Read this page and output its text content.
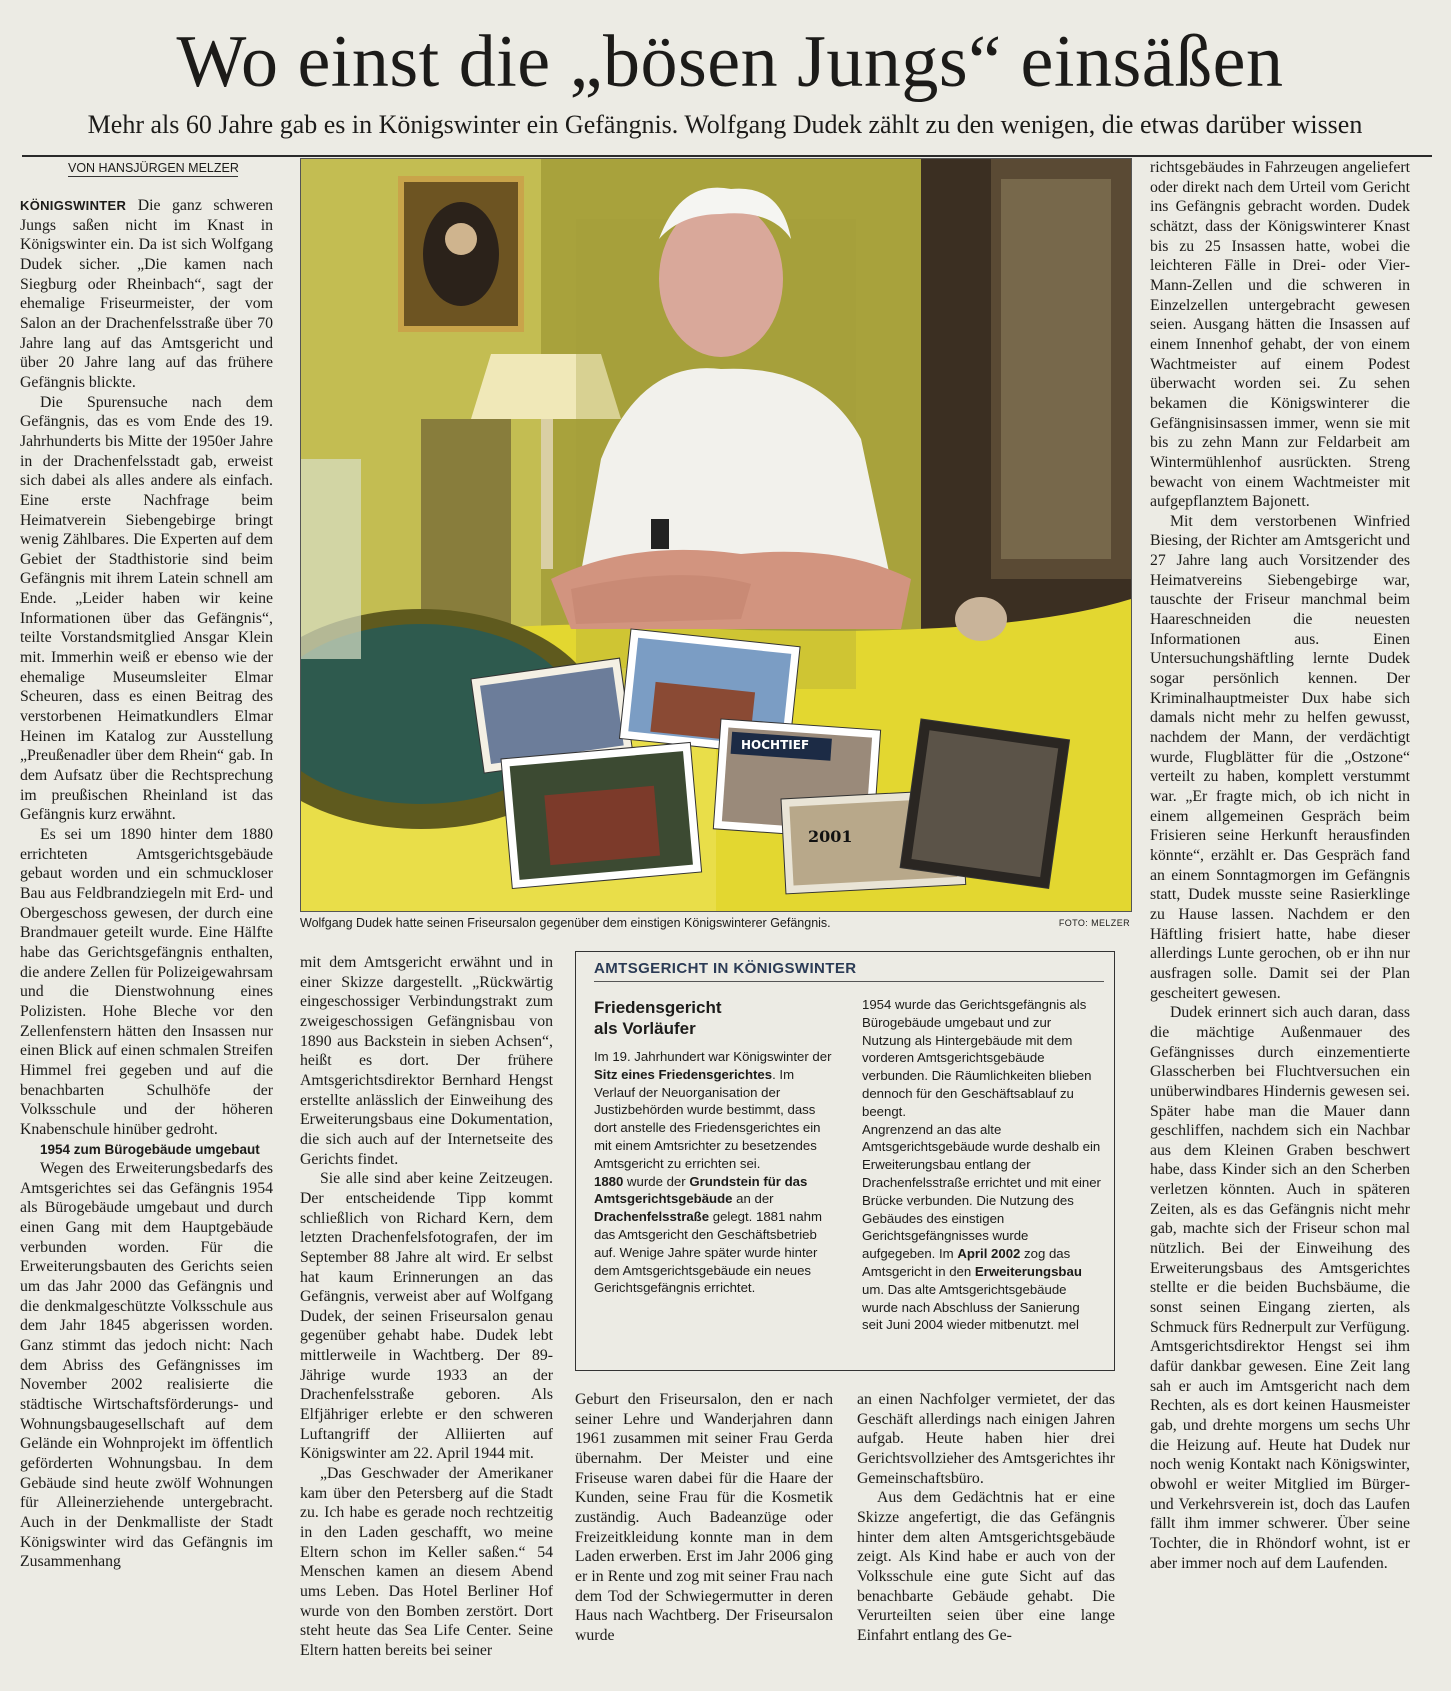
Wo einst die „bösen Jungs“ einsäßen
Mehr als 60 Jahre gab es in Königswinter ein Gefängnis. Wolfgang Dudek zählt zu den wenigen, die etwas darüber wissen
VON HANSJÜRGEN MELZER

KÖNIGSWINTER Die ganz schweren Jungs saßen nicht im Knast in Königswinter ein. Da ist sich Wolfgang Dudek sicher. „Die kamen nach Siegburg oder Rheinbach“, sagt der ehemalige Friseurmeister, der vom Salon an der Drachenfelsstraße über 70 Jahre lang auf das Amtsgericht und über 20 Jahre lang auf das frühere Gefängnis blickte.

Die Spurensuche nach dem Gefängnis, das es vom Ende des 19. Jahrhunderts bis Mitte der 1950er Jahre in der Drachenfelsstadt gab, erweist sich dabei als alles andere als einfach. Eine erste Nachfrage beim Heimatverein Siebengebirge bringt wenig Zählbares. Die Experten auf dem Gebiet der Stadthistorie sind beim Gefängnis mit ihrem Latein schnell am Ende. „Leider haben wir keine Informationen über das Gefängnis“, teilte Vorstandsmitglied Ansgar Klein mit. Immerhin weiß er ebenso wie der ehemalige Museumsleiter Elmar Scheuren, dass es einen Beitrag des verstorbenen Heimatkundlers Elmar Heinen im Katalog zur Ausstellung „Preußenadler über dem Rhein“ gab. In dem Aufsatz über die Rechtsprechung im preußischen Rheinland ist das Gefängnis kurz erwähnt.

Es sei um 1890 hinter dem 1880 errichteten Amtsgerichtsgebäude gebaut worden und ein schmuckloser Bau aus Feldbrandziegeln mit Erd- und Obergeschoss gewesen, der durch eine Brandmauer geteilt wurde. Eine Hälfte habe das Gerichtsgefängnis enthalten, die andere Zellen für Polizeigewahrsam und die Dienstwohnung eines Polizisten. Hohe Bleche vor den Zellenfenstern hätten den Insassen nur einen Blick auf einen schmalen Streifen Himmel frei gegeben und auf die benachbarten Schulhöfe der Volksschule und der höheren Knabenschule hinüber gedroht.

1954 zum Bürogebäude umgebaut

Wegen des Erweiterungsbedarfs des Amtsgerichtes sei das Gefängnis 1954 als Bürogebäude umgebaut und durch einen Gang mit dem Hauptgebäude verbunden worden. Für die Erweiterungsbauten des Gerichts seien um das Jahr 2000 das Gefängnis und die denkmalgeschützte Volksschule aus dem Jahr 1845 abgerissen worden. Ganz stimmt das jedoch nicht: Nach dem Abriss des Gefängnisses im November 2002 realisierte die städtische Wirtschaftsförderungs- und Wohnungsbaugesellschaft auf dem Gelände ein Wohnprojekt im öffentlich geförderten Wohnungsbau. In dem Gebäude sind heute zwölf Wohnungen für Alleinerziehende untergebracht. Auch in der Denkmalliste der Stadt Königswinter wird das Gefängnis im Zusammenhang

2001
HOCHTIEF
Wolfgang Dudek hatte seinen Friseursalon gegenüber dem einstigen Königswinterer Gefängnis.	FOTO: MELZER

mit dem Amtsgericht erwähnt und in einer Skizze dargestellt. „Rückwärtig eingeschossiger Verbindungstrakt zum zweigeschossigen Gefängnisbau von 1890 aus Backstein in sieben Achsen“, heißt es dort. Der frühere Amtsgerichtsdirektor Bernhard Hengst erstellte anlässlich der Einweihung des Erweiterungsbaus eine Dokumentation, die sich auch auf der Internetseite des Gerichts findet.

Sie alle sind aber keine Zeitzeugen. Der entscheidende Tipp kommt schließlich von Richard Kern, dem letzten Drachenfelsfotografen, der im September 88 Jahre alt wird. Er selbst hat kaum Erinnerungen an das Gefängnis, verweist aber auf Wolfgang Dudek, der seinen Friseursalon genau gegenüber gehabt habe. Dudek lebt mittlerweile in Wachtberg. Der 89-Jährige wurde 1933 an der Drachenfelsstraße geboren. Als Elfjähriger erlebte er den schweren Luftangriff der Alliierten auf Königswinter am 22. April 1944 mit.

„Das Geschwader der Amerikaner kam über den Petersberg auf die Stadt zu. Ich habe es gerade noch rechtzeitig in den Laden geschafft, wo meine Eltern schon im Keller saßen.“ 54 Menschen kamen an diesem Abend ums Leben. Das Hotel Berliner Hof wurde von den Bomben zerstört. Dort steht heute das Sea Life Center. Seine Eltern hatten bereits bei seiner

AMTSGERICHT IN KÖNIGSWINTER
Friedensgericht
als Vorläufer

Im 19. Jahrhundert war Königswinter der Sitz eines Friedensgerichtes. Im Verlauf der Neuorganisation der Justizbehörden wurde bestimmt, dass dort anstelle des Friedensgerichtes ein mit einem Amtsrichter zu besetzendes Amtsgericht zu errichten sei.

1880 wurde der Grundstein für das Amtsgerichtsgebäude an der Drachenfelsstraße gelegt. 1881 nahm das Amtsgericht den Geschäftsbetrieb auf. Wenige Jahre später wurde hinter dem Amtsgerichtsgebäude ein neues Gerichtsgefängnis errichtet.

1954 wurde das Gerichtsgefängnis als Bürogebäude umgebaut und zur Nutzung als Hintergebäude mit dem vorderen Amtsgerichtsgebäude verbunden. Die Räumlichkeiten blieben dennoch für den Geschäftsablauf zu beengt.

Angrenzend an das alte Amtsgerichtsgebäude wurde deshalb ein Erweiterungsbau entlang der Drachenfelsstraße errichtet und mit einer Brücke verbunden. Die Nutzung des Gebäudes des einstigen Gerichtsgefängnisses wurde aufgegeben. Im April 2002 zog das Amtsgericht in den Erweiterungsbau um. Das alte Amtsgerichtsgebäude wurde nach Abschluss der Sanierung seit Juni 2004 wieder mitbenutzt. mel

Geburt den Friseursalon, den er nach seiner Lehre und Wanderjahren dann 1961 zusammen mit seiner Frau Gerda übernahm. Der Meister und eine Friseuse waren dabei für die Haare der Kunden, seine Frau für die Kosmetik zuständig. Auch Badeanzüge oder Freizeitkleidung konnte man in dem Laden erwerben. Erst im Jahr 2006 ging er in Rente und zog mit seiner Frau nach dem Tod der Schwiegermutter in deren Haus nach Wachtberg. Der Friseursalon wurde

an einen Nachfolger vermietet, der das Geschäft allerdings nach einigen Jahren aufgab. Heute haben hier drei Gerichtsvollzieher des Amtsgerichtes ihr Gemeinschaftsbüro.

Aus dem Gedächtnis hat er eine Skizze angefertigt, die das Gefängnis hinter dem alten Amtsgerichtsgebäude zeigt. Als Kind habe er auch von der Volksschule eine gute Sicht auf das benachbarte Gebäude gehabt. Die Verurteilten seien über eine lange Einfahrt entlang des Ge-

richtsgebäudes in Fahrzeugen angeliefert oder direkt nach dem Urteil vom Gericht ins Gefängnis gebracht worden. Dudek schätzt, dass der Königswinterer Knast bis zu 25 Insassen hatte, wobei die leichteren Fälle in Drei- oder Vier-Mann-Zellen und die schweren in Einzelzellen untergebracht gewesen seien. Ausgang hätten die Insassen auf einem Innenhof gehabt, der von einem Wachtmeister auf einem Podest überwacht worden sei. Zu sehen bekamen die Königswinterer die Gefängnisinsassen immer, wenn sie mit bis zu zehn Mann zur Feldarbeit am Wintermühlenhof ausrückten. Streng bewacht von einem Wachtmeister mit aufgepflanztem Bajonett.

Mit dem verstorbenen Winfried Biesing, der Richter am Amtsgericht und 27 Jahre lang auch Vorsitzender des Heimatvereins Siebengebirge war, tauschte der Friseur manchmal beim Haareschneiden die neuesten Informationen aus. Einen Untersuchungshäftling lernte Dudek sogar persönlich kennen. Der Kriminalhauptmeister Dux habe sich damals nicht mehr zu helfen gewusst, nachdem der Mann, der verdächtigt wurde, Flugblätter für die „Ostzone“ verteilt zu haben, komplett verstummt war. „Er fragte mich, ob ich nicht in einem allgemeinen Gespräch beim Frisieren seine Herkunft herausfinden könnte“, erzählt er. Das Gespräch fand an einem Sonntagmorgen im Gefängnis statt, Dudek musste seine Rasierklinge zu Hause lassen. Nachdem er den Häftling frisiert hatte, habe dieser allerdings Lunte gerochen, ob er ihn nur ausfragen solle. Damit sei der Plan gescheitert gewesen.

Dudek erinnert sich auch daran, dass die mächtige Außenmauer des Gefängnisses durch einzementierte Glasscherben bei Fluchtversuchen ein unüberwindbares Hindernis gewesen sei. Später habe man die Mauer dann geschliffen, nachdem sich ein Nachbar aus dem Kleinen Graben beschwert habe, dass Kinder sich an den Scherben verletzen könnten. Auch in späteren Zeiten, als es das Gefängnis nicht mehr gab, machte sich der Friseur schon mal nützlich. Bei der Einweihung des Erweiterungsbaus des Amtsgerichtes stellte er die beiden Buchsbäume, die sonst seinen Eingang zierten, als Schmuck fürs Rednerpult zur Verfügung. Amtsgerichtsdirektor Hengst sei ihm dafür dankbar gewesen. Eine Zeit lang sah er auch im Amtsgericht nach dem Rechten, als es dort keinen Hausmeister gab, und drehte morgens um sechs Uhr die Heizung auf. Heute hat Dudek nur noch wenig Kontakt nach Königswinter, obwohl er weiter Mitglied im Bürger- und Verkehrsverein ist, doch das Laufen fällt ihm immer schwerer. Über seine Tochter, die in Rhöndorf wohnt, ist er aber immer noch auf dem Laufenden.
